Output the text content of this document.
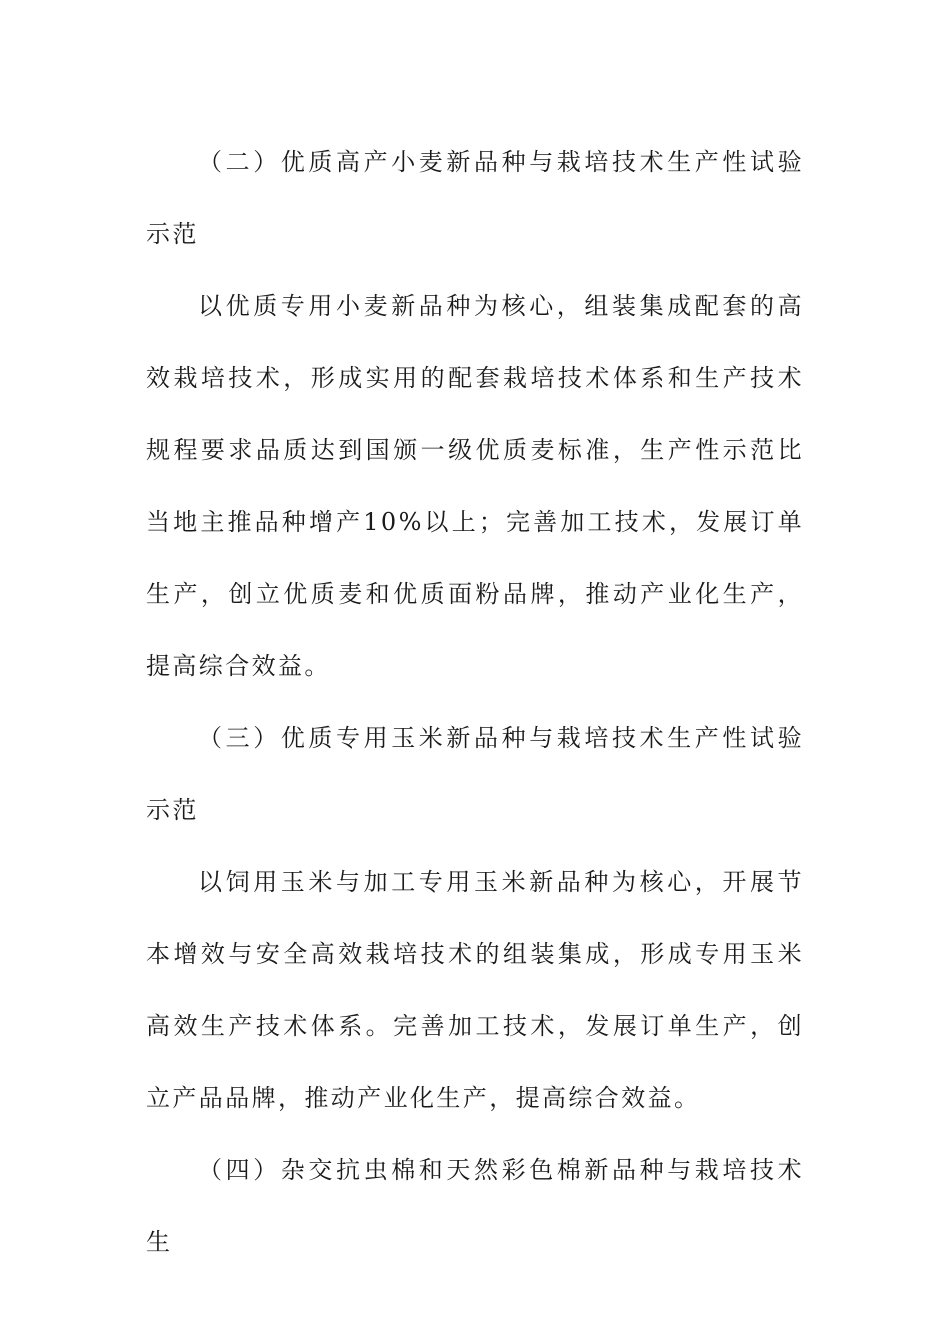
（二）优质高产小麦新品种与栽培技术生产性试验示范

以优质专用小麦新品种为核心，组装集成配套的高效栽培技术，形成实用的配套栽培技术体系和生产技术规程要求品质达到国颁一级优质麦标准，生产性示范比当地主推品种增产10%以上；完善加工技术，发展订单生产，创立优质麦和优质面粉品牌，推动产业化生产，提高综合效益。

（三）优质专用玉米新品种与栽培技术生产性试验示范

以饲用玉米与加工专用玉米新品种为核心，开展节本增效与安全高效栽培技术的组装集成，形成专用玉米高效生产技术体系。完善加工技术，发展订单生产，创立产品品牌，推动产业化生产，提高综合效益。

（四）杂交抗虫棉和天然彩色棉新品种与栽培技术生
